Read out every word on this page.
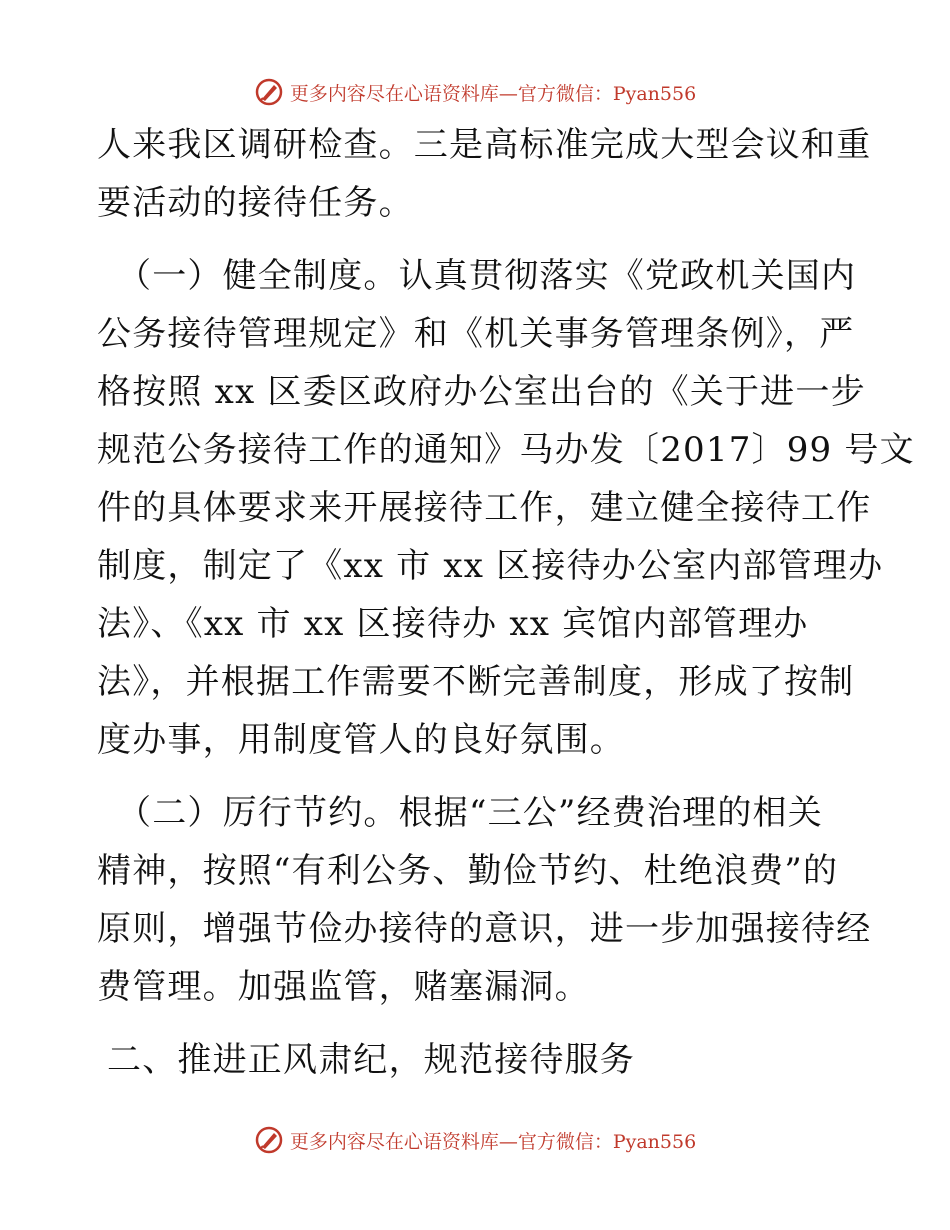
更多内容尽在心语资料库—官方微信：Pyan556
人来我区调研检查。三是高标准完成大型会议和重
要活动的接待任务。
（一）健全制度。认真贯彻落实《党政机关国内
公务接待管理规定》和《机关事务管理条例》，严
格按照 xx 区委区政府办公室出台的《关于进一步
规范公务接待工作的通知》马办发〔2017〕99 号文
件的具体要求来开展接待工作，建立健全接待工作
制度，制定了《xx 市 xx 区接待办公室内部管理办
法》、《xx 市 xx 区接待办 xx 宾馆内部管理办
法》，并根据工作需要不断完善制度，形成了按制
度办事，用制度管人的良好氛围。
（二）厉行节约。根据“三公”经费治理的相关
精神，按照“有利公务、勤俭节约、杜绝浪费”的
原则，增强节俭办接待的意识，进一步加强接待经
费管理。加强监管，赌塞漏洞。
二、推进正风肃纪，规范接待服务
更多内容尽在心语资料库—官方微信：Pyan556
